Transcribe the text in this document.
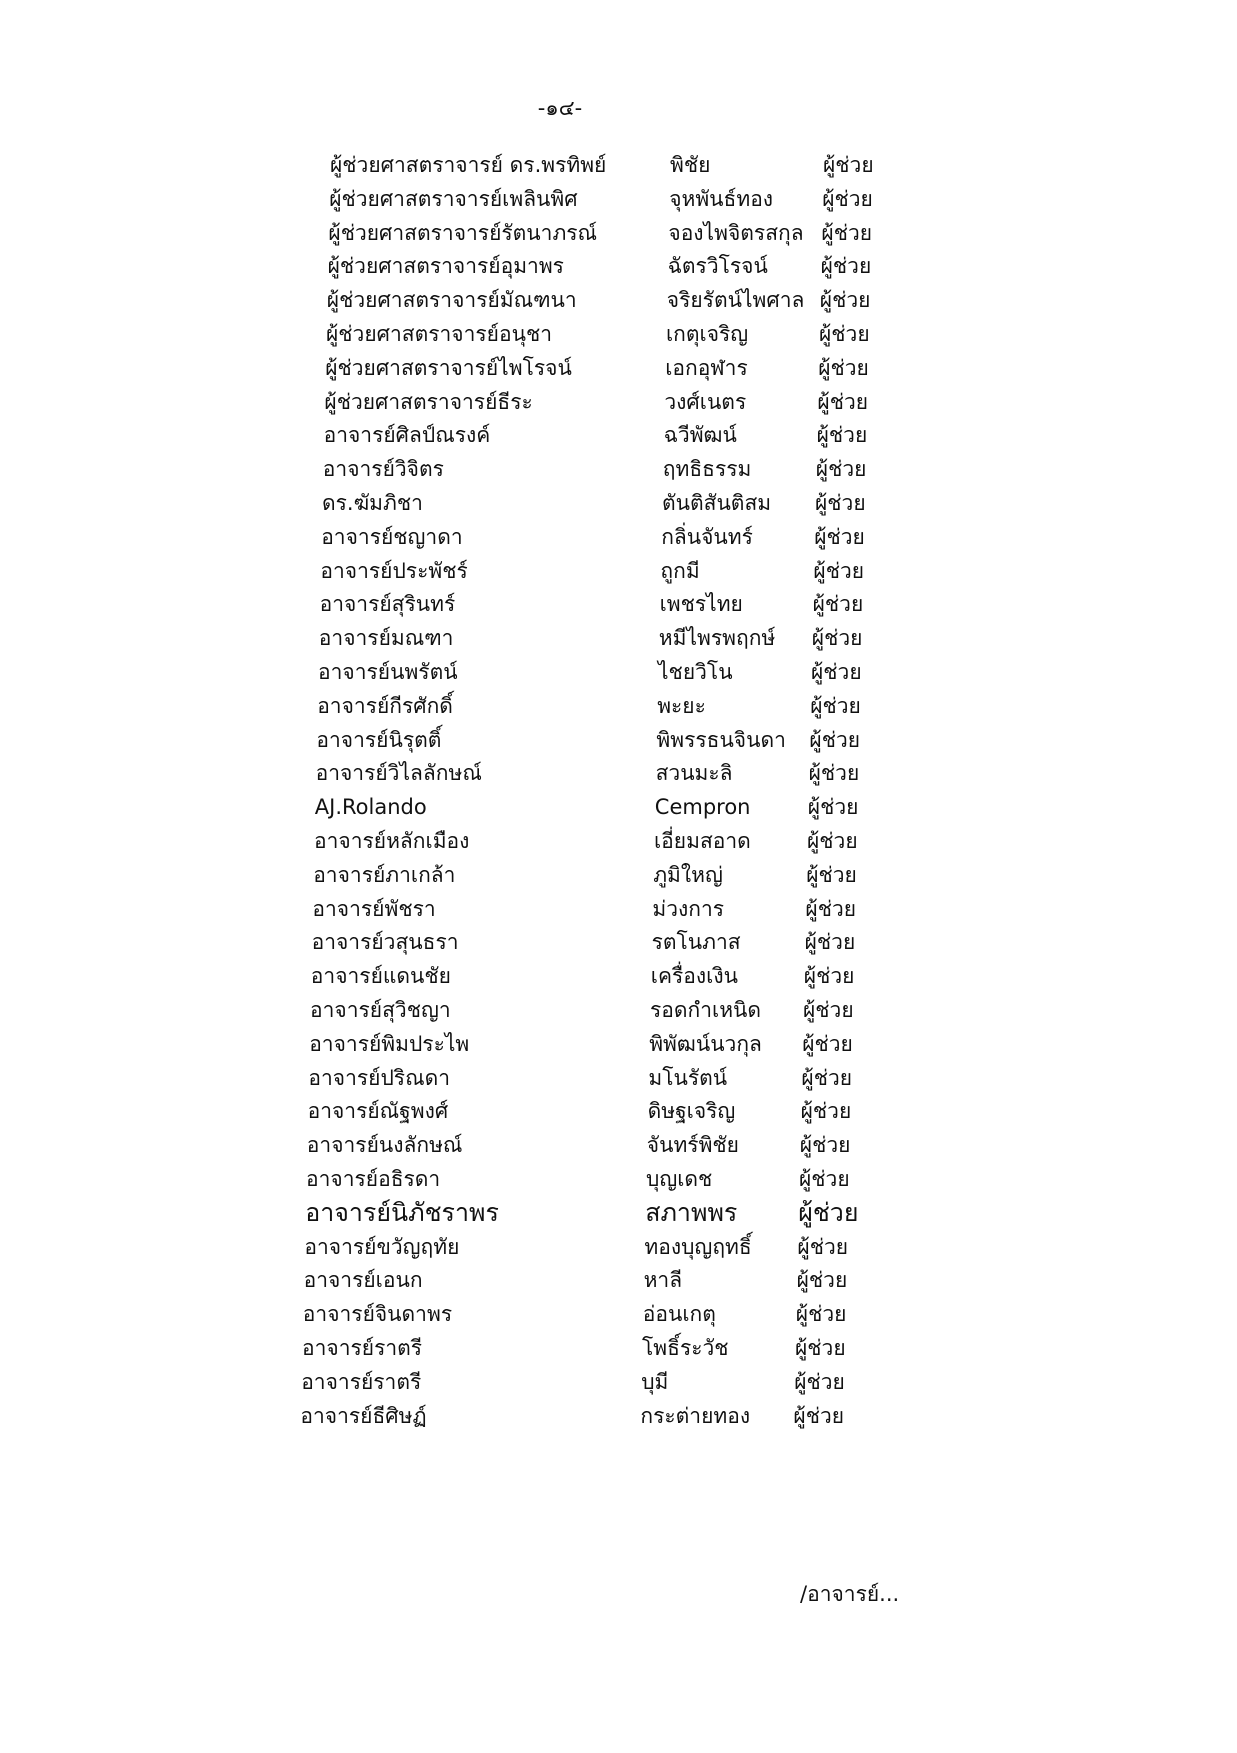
-๑๔-
ผู้ช่วยศาสตราจารย์ ดร.พรทิพย์	พิชัย	ผู้ช่วย
ผู้ช่วยศาสตราจารย์เพลินพิศ	จุหพันธ์ทอง ผู้ช่วย
ผู้ช่วยศาสตราจารย์รัตนาภรณ์	จองไพจิตรสกุล ผู้ช่วย
ผู้ช่วยศาสตราจารย์อุมาพร	ฉัตรวิโรจน์	ผู้ช่วย
ผู้ช่วยศาสตราจารย์มัณฑนา	จริยรัตน์ไพศาล ผู้ช่วย
ผู้ช่วยศาสตราจารย์อนุชา	เกตุเจริญ	ผู้ช่วย
ผู้ช่วยศาสตราจารย์ไพโรจน์	เอกอุฬาร	ผู้ช่วย
ผู้ช่วยศาสตราจารย์ธีระ	วงศ์เนตร	ผู้ช่วย
อาจารย์ศิลป์ณรงค์	ฉวีพัฒน์	ผู้ช่วย
อาจารย์วิจิตร	ฤทธิธรรม	ผู้ช่วย
ดร.ฆัมภิชา	ตันติสันติสม ผู้ช่วย
อาจารย์ชญาดา	กลิ่นจันทร์	ผู้ช่วย
อาจารย์ประพัชร์	ถูกมี	ผู้ช่วย
อาจารย์สุรินทร์	เพชรไทย	ผู้ช่วย
อาจารย์มณฑา	หมีไพรพฤกษ์ ผู้ช่วย
อาจารย์นพรัตน์	ไชยวิโน	ผู้ช่วย
อาจารย์กีรศักดิ์	พะยะ	ผู้ช่วย
อาจารย์นิรุตติ์	พิพรรธนจินดา ผู้ช่วย
อาจารย์วิไลลักษณ์	สวนมะลิ	ผู้ช่วย
AJ.Rolando	Cempron	ผู้ช่วย
อาจารย์หลักเมือง	เอี่ยมสอาด	ผู้ช่วย
อาจารย์ภาเกล้า	ภูมิใหญ่	ผู้ช่วย
อาจารย์พัชรา	ม่วงการ	ผู้ช่วย
อาจารย์วสุนธรา	รตโนภาส	ผู้ช่วย
อาจารย์แดนชัย	เครื่องเงิน	ผู้ช่วย
อาจารย์สุวิชญา	รอดกำเหนิด ผู้ช่วย
อาจารย์พิมประไพ	พิพัฒน์นวกุล ผู้ช่วย
อาจารย์ปริณดา	มโนรัตน์	ผู้ช่วย
อาจารย์ณัฐพงศ์	ดิษฐเจริญ	ผู้ช่วย
อาจารย์นงลักษณ์	จันทร์พิชัย	ผู้ช่วย
อาจารย์อธิรดา	บุญเดช	ผู้ช่วย
อาจารย์นิภัชราพร	สภาพพร ผู้ช่วย
อาจารย์ขวัญฤทัย	ทองบุญฤทธิ์ ผู้ช่วย
อาจารย์เอนก	หาลี	ผู้ช่วย
อาจารย์จินดาพร	อ่อนเกตุ	ผู้ช่วย
อาจารย์ราตรี	โพธิ์ระวัช	ผู้ช่วย
อาจารย์ราตรี	บุมี	ผู้ช่วย
อาจารย์ธีศิษฏ์	กระต่ายทอง ผู้ช่วย
/อาจารย์...
